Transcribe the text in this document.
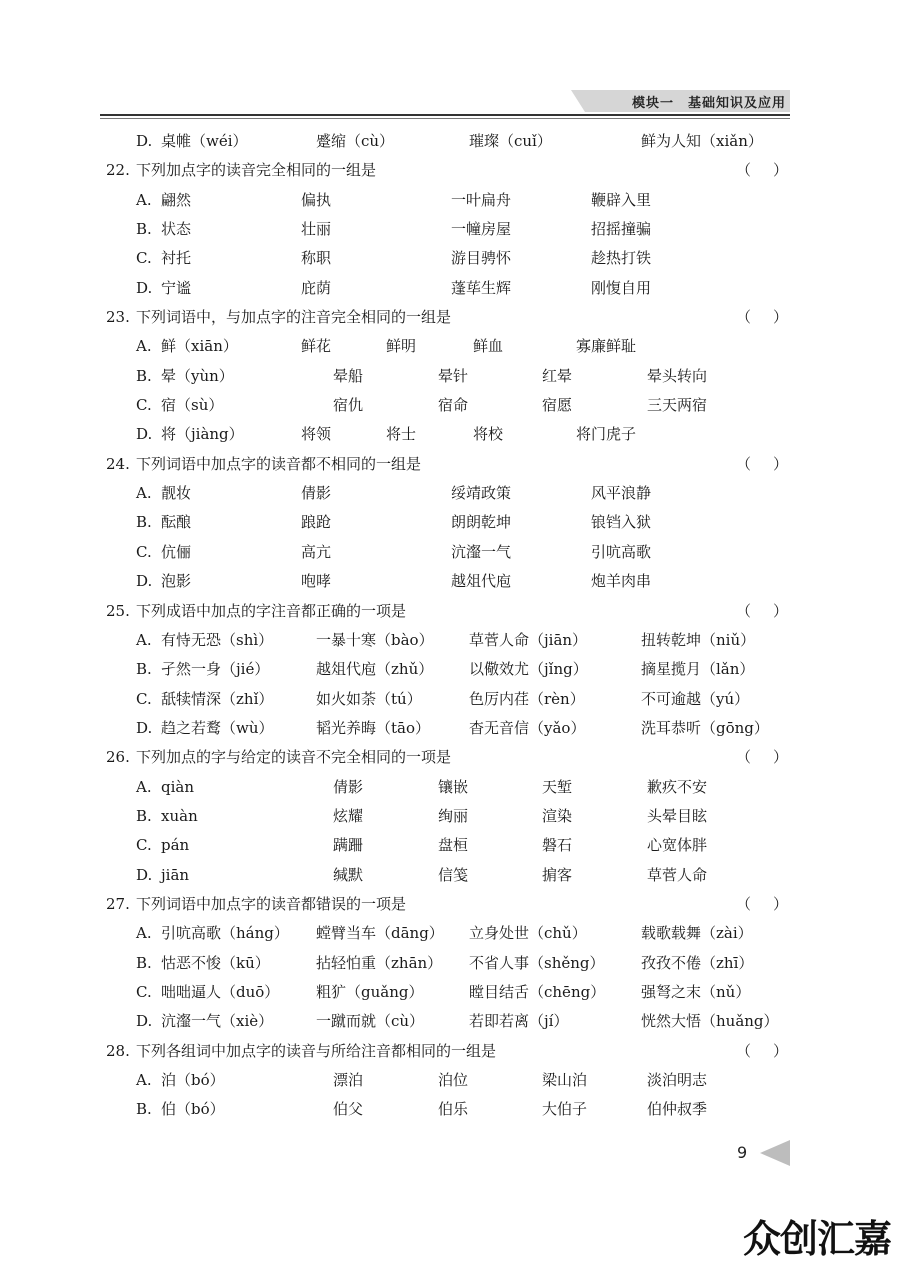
模块一　基础知识及应用
D. 桌帷（wéi）	蹙缩（cù）	璀璨（cuǐ）	鲜为人知（xiǎn）
22. 下列加点字的读音完全相同的一组是	（ ）
A. 翩然	偏执	一叶扁舟	鞭辟入里
B. 状态	壮丽	一幢房屋	招摇撞骗
C. 衬托	称职	游目骋怀	趁热打铁
D. 宁谧	庇荫	蓬荜生辉	刚愎自用
23. 下列词语中，与加点字的注音完全相同的一组是	（ ）
A. 鲜（xiān）	鲜花	鲜明	鲜血	寡廉鲜耻
B. 晕（yùn）	晕船	晕针	红晕	晕头转向
C. 宿（sù）	宿仇	宿命	宿愿	三天两宿
D. 将（jiàng）	将领	将士	将校	将门虎子
24. 下列词语中加点字的读音都不相同的一组是	（ ）
A. 靓妆	倩影	绥靖政策	风平浪静
B. 酝酿	踉跄	朗朗乾坤	锒铛入狱
C. 伉俪	高亢	沆瀣一气	引吭高歌
D. 泡影	咆哮	越俎代庖	炮羊肉串
25. 下列成语中加点的字注音都正确的一项是	（ ）
A. 有恃无恐（shì）	一暴十寒（bào） 草菅人命（jiān）	扭转乾坤（niǔ）
B. 孑然一身（jié）	越俎代庖（zhǔ） 以儆效尤（jǐng）	摘星揽月（lǎn）
C. 舐犊情深（zhǐ）	如火如荼（tú）	色厉内荏（rèn）	不可逾越（yú）
D. 趋之若鹜（wù）	韬光养晦（tāo）	杳无音信（yǎo）	洗耳恭听（gōng）
26. 下列加点的字与给定的读音不完全相同的一项是	（ ）
A. qiàn	倩影	镶嵌	天堑	歉疚不安
B. xuàn	炫耀	绚丽	渲染	头晕目眩
C. pán	蹒跚	盘桓	磐石	心宽体胖
D. jiān	缄默	信笺	掮客	草菅人命
27. 下列词语中加点字的读音都错误的一项是	（ ）
A. 引吭高歌（háng） 螳臂当车（dāng） 立身处世（chǔ）	载歌载舞（zài）
B. 怙恶不悛（kū）	拈轻怕重（zhān） 不省人事（shěng） 孜孜不倦（zhī）
C. 咄咄逼人（duō） 粗犷（guǎng）	瞠目结舌（chēng） 强弩之末（nǔ）
D. 沆瀣一气（xiè）	一蹴而就（cù）	若即若离（jí）	恍然大悟（huǎng）
28. 下列各组词中加点字的读音与所给注音都相同的一组是	（ ）
A. 泊（bó）	漂泊	泊位	梁山泊	淡泊明志
B. 伯（bó）	伯父	伯乐	大伯子	伯仲叔季
9
众创汇嘉
